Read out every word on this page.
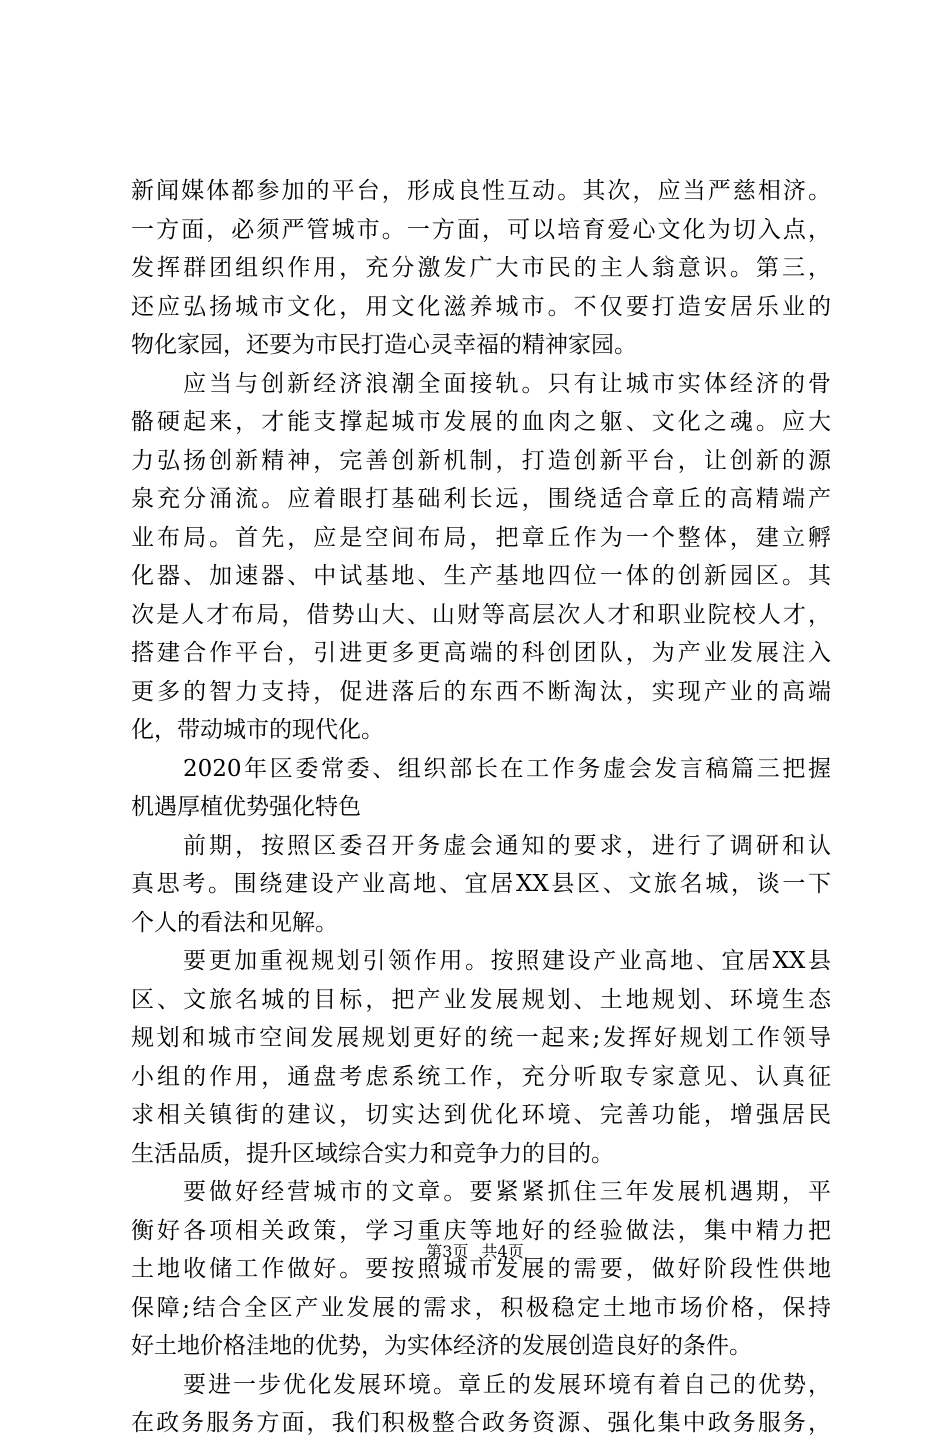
新闻媒体都参加的平台，形成良性互动。其次，应当严慈相济。
一方面，必须严管城市。一方面，可以培育爱心文化为切入点，
发挥群团组织作用，充分激发广大市民的主人翁意识。第三，
还应弘扬城市文化，用文化滋养城市。不仅要打造安居乐业的
物化家园，还要为市民打造心灵幸福的精神家园。
应当与创新经济浪潮全面接轨。只有让城市实体经济的骨
骼硬起来，才能支撑起城市发展的血肉之躯、文化之魂。应大
力弘扬创新精神，完善创新机制，打造创新平台，让创新的源
泉充分涌流。应着眼打基础利长远，围绕适合章丘的高精端产
业布局。首先，应是空间布局，把章丘作为一个整体，建立孵
化器、加速器、中试基地、生产基地四位一体的创新园区。其
次是人才布局，借势山大、山财等高层次人才和职业院校人才，
搭建合作平台，引进更多更高端的科创团队，为产业发展注入
更多的智力支持，促进落后的东西不断淘汰，实现产业的高端
化，带动城市的现代化。
2020年区委常委、组织部长在工作务虚会发言稿篇三把握
机遇厚植优势强化特色
前期，按照区委召开务虚会通知的要求，进行了调研和认
真思考。围绕建设产业高地、宜居XX县区、文旅名城，谈一下
个人的看法和见解。
要更加重视规划引领作用。按照建设产业高地、宜居XX县
区、文旅名城的目标，把产业发展规划、土地规划、环境生态
规划和城市空间发展规划更好的统一起来;发挥好规划工作领导
小组的作用，通盘考虑系统工作，充分听取专家意见、认真征
求相关镇街的建议，切实达到优化环境、完善功能，增强居民
生活品质，提升区域综合实力和竞争力的目的。
要做好经营城市的文章。要紧紧抓住三年发展机遇期，平
衡好各项相关政策，学习重庆等地好的经验做法，集中精力把
土地收储工作做好。要按照城市发展的需要，做好阶段性供地
保障;结合全区产业发展的需求，积极稳定土地市场价格，保持
好土地价格洼地的优势，为实体经济的发展创造良好的条件。
要进一步优化发展环境。章丘的发展环境有着自己的优势，
在政务服务方面，我们积极整合政务资源、强化集中政务服务，
第3页 共4页
